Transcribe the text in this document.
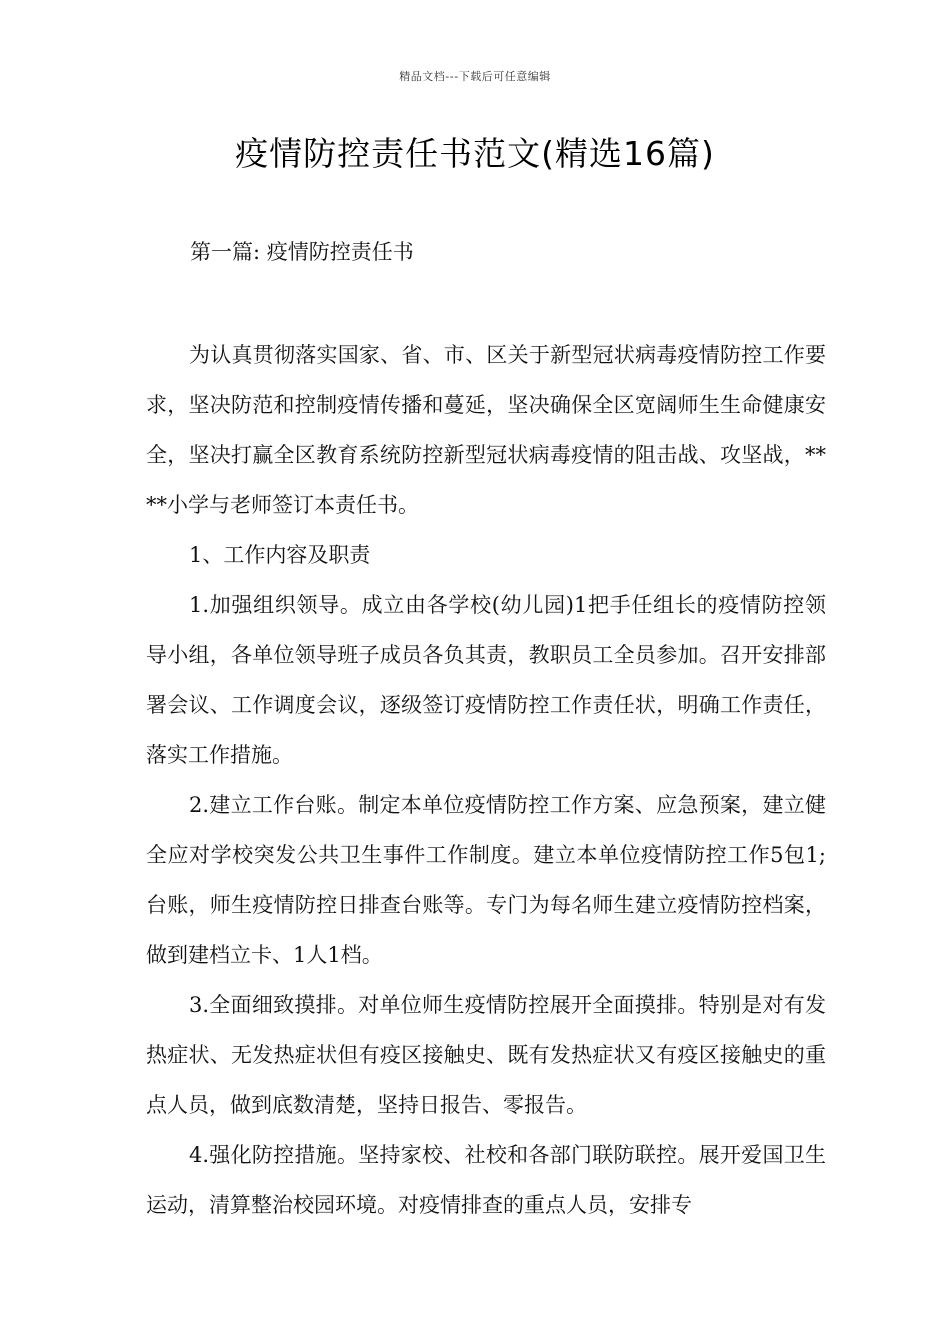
精品文档---下载后可任意编辑
疫情防控责任书范文(精选16篇)
第一篇: 疫情防控责任书

为认真贯彻落实国家、省、市、区关于新型冠状病毒疫情防控工作要求，坚决防范和控制疫情传播和蔓延，坚决确保全区宽阔师生生命健康安全，坚决打赢全区教育系统防控新型冠状病毒疫情的阻击战、攻坚战，****小学与老师签订本责任书。

1、工作内容及职责

1.加强组织领导。成立由各学校(幼儿园)1把手任组长的疫情防控领导小组，各单位领导班子成员各负其责，教职员工全员参加。召开安排部署会议、工作调度会议，逐级签订疫情防控工作责任状，明确工作责任，落实工作措施。

2.建立工作台账。制定本单位疫情防控工作方案、应急预案，建立健全应对学校突发公共卫生事件工作制度。建立本单位疫情防控工作5包1;台账，师生疫情防控日排查台账等。专门为每名师生建立疫情防控档案，做到建档立卡、1人1档。

3.全面细致摸排。对单位师生疫情防控展开全面摸排。特别是对有发热症状、无发热症状但有疫区接触史、既有发热症状又有疫区接触史的重点人员，做到底数清楚，坚持日报告、零报告。

4.强化防控措施。坚持家校、社校和各部门联防联控。展开爱国卫生运动，清算整治校园环境。对疫情排查的重点人员，安排专
